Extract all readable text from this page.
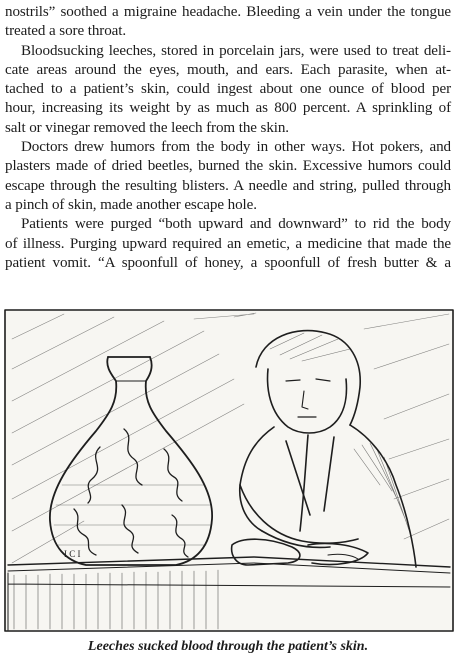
nostrils” soothed a migraine headache. Bleeding a vein under the tongue
treated a sore throat.
Bloodsucking leeches, stored in porcelain jars, were used to treat deli-
cate areas around the eyes, mouth, and ears. Each parasite, when at-
tached to a patient’s skin, could ingest about one ounce of blood per
hour, increasing its weight by as much as 800 percent. A sprinkling of
salt or vinegar removed the leech from the skin.
Doctors drew humors from the body in other ways. Hot pokers, and
plasters made of dried beetles, burned the skin. Excessive humors could
escape through the resulting blisters. A needle and string, pulled through
a pinch of skin, made another escape hole.
Patients were purged “both upward and downward” to rid the body
of illness. Purging upward required an emetic, a medicine that made the
patient vomit. “A spoonfull of honey, a spoonfull of fresh butter & a
I C I
Leeches sucked blood through the patient’s skin.
